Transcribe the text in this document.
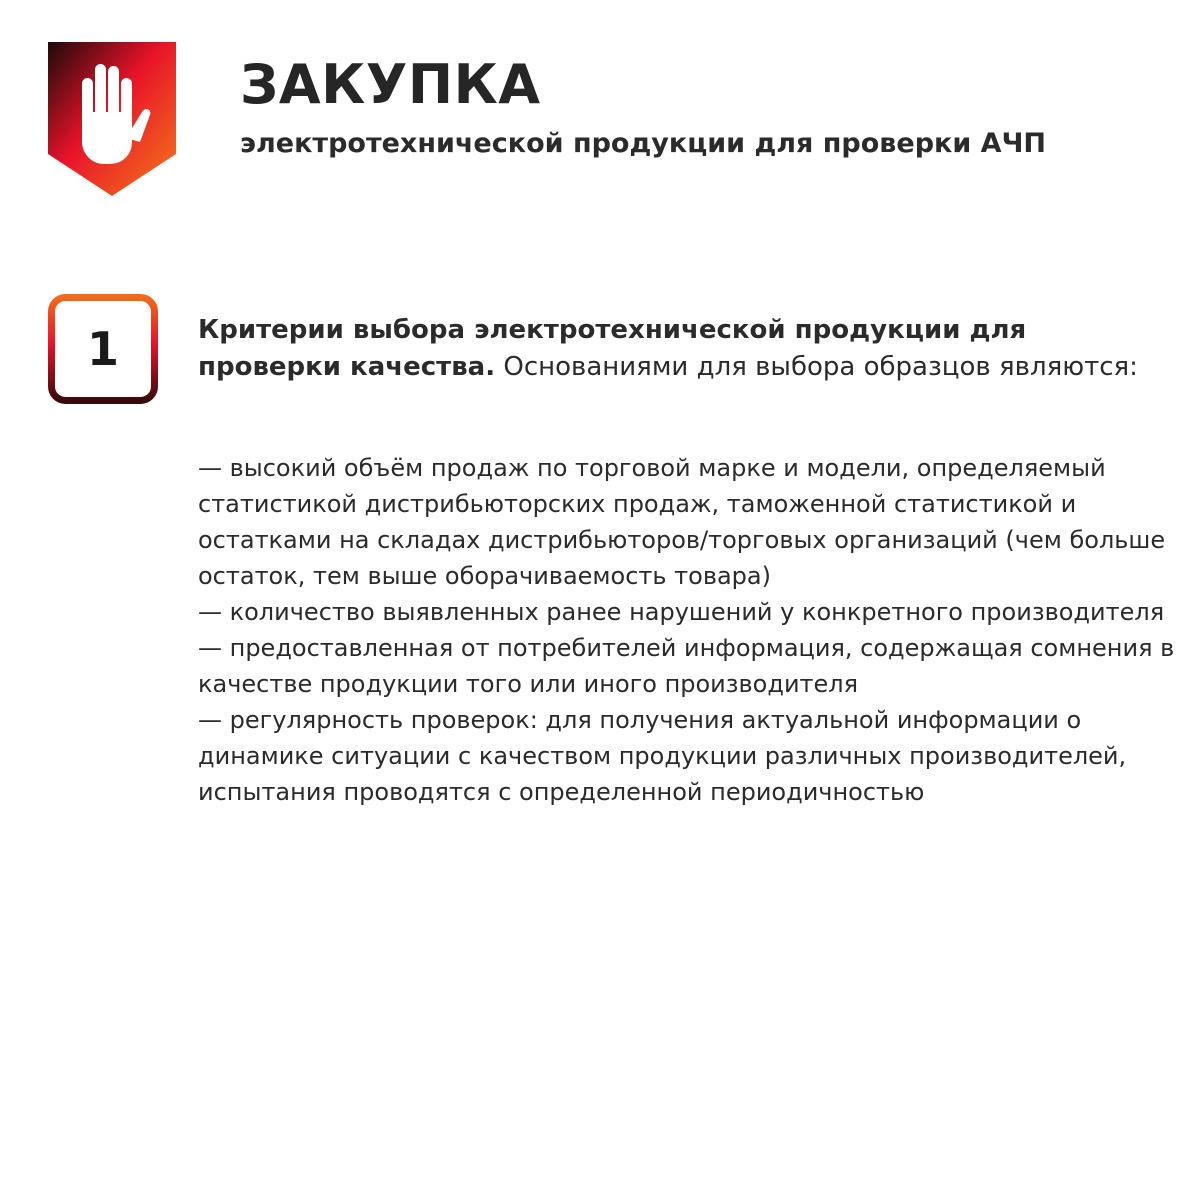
ЗАКУПКА
электротехнической продукции для проверки АЧП
1	Критерии выбора электротехнической продукции для проверки качества. Основаниями для выбора образцов являются:

— высокий объём продаж по торговой марке и модели, определяемый статистикой дистрибьюторских продаж, таможенной статистикой и остатками на складах дистрибьюторов/торговых организаций (чем больше остаток, тем выше оборачиваемость товара)
— количество выявленных ранее нарушений у конкретного производителя
— предоставленная от потребителей информация, содержащая сомнения в качестве продукции того или иного производителя
— регулярность проверок: для получения актуальной информации о динамике ситуации с качеством продукции различных производителей, испытания проводятся с определенной периодичностью
